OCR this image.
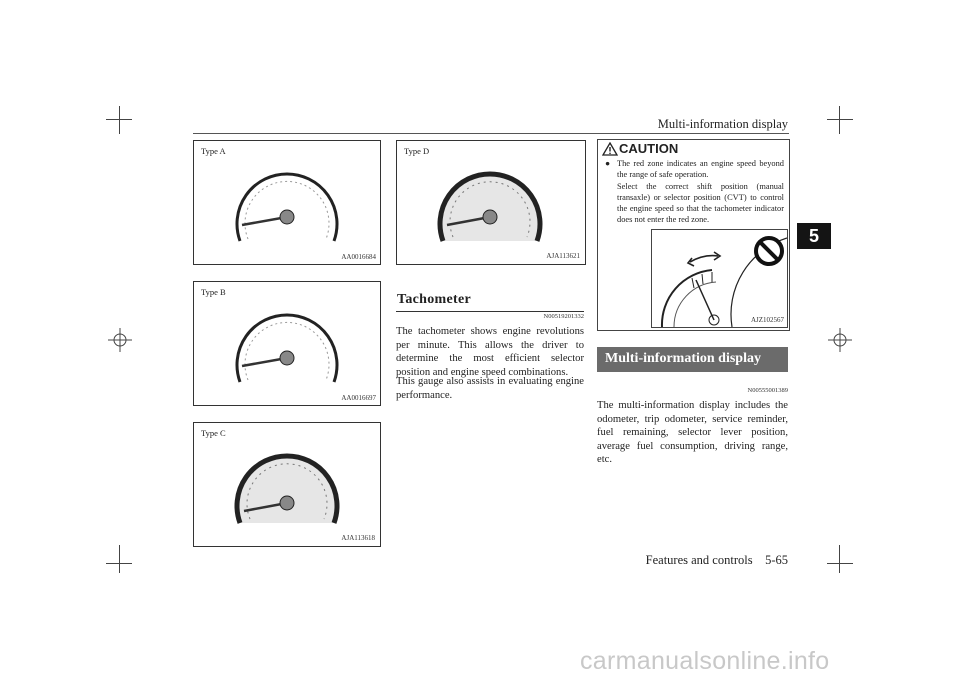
Multi-information display
5
Type A
AA0016684
Type B
AA0016697
Type C
AJA113618
Type D
AJA113621
Tachometer
N00519201332
The tachometer shows engine revolutions per minute. This allows the driver to determine the most efficient selector position and engine speed combinations.
This gauge also assists in evaluating engine performance.
CAUTION
● The red zone indicates an engine speed beyond the range of safe operation.
Select the correct shift position (manual transaxle) or selector position (CVT) to control the engine speed so that the tachometer indicator does not enter the red zone.
AJZ102567
Multi-information display
N00555001389
The multi-information display includes the odometer, trip odometer, service reminder, fuel remaining, selector lever position, average fuel consumption, driving range, etc.
Features and controls 5-65
carmanualsonline.info
